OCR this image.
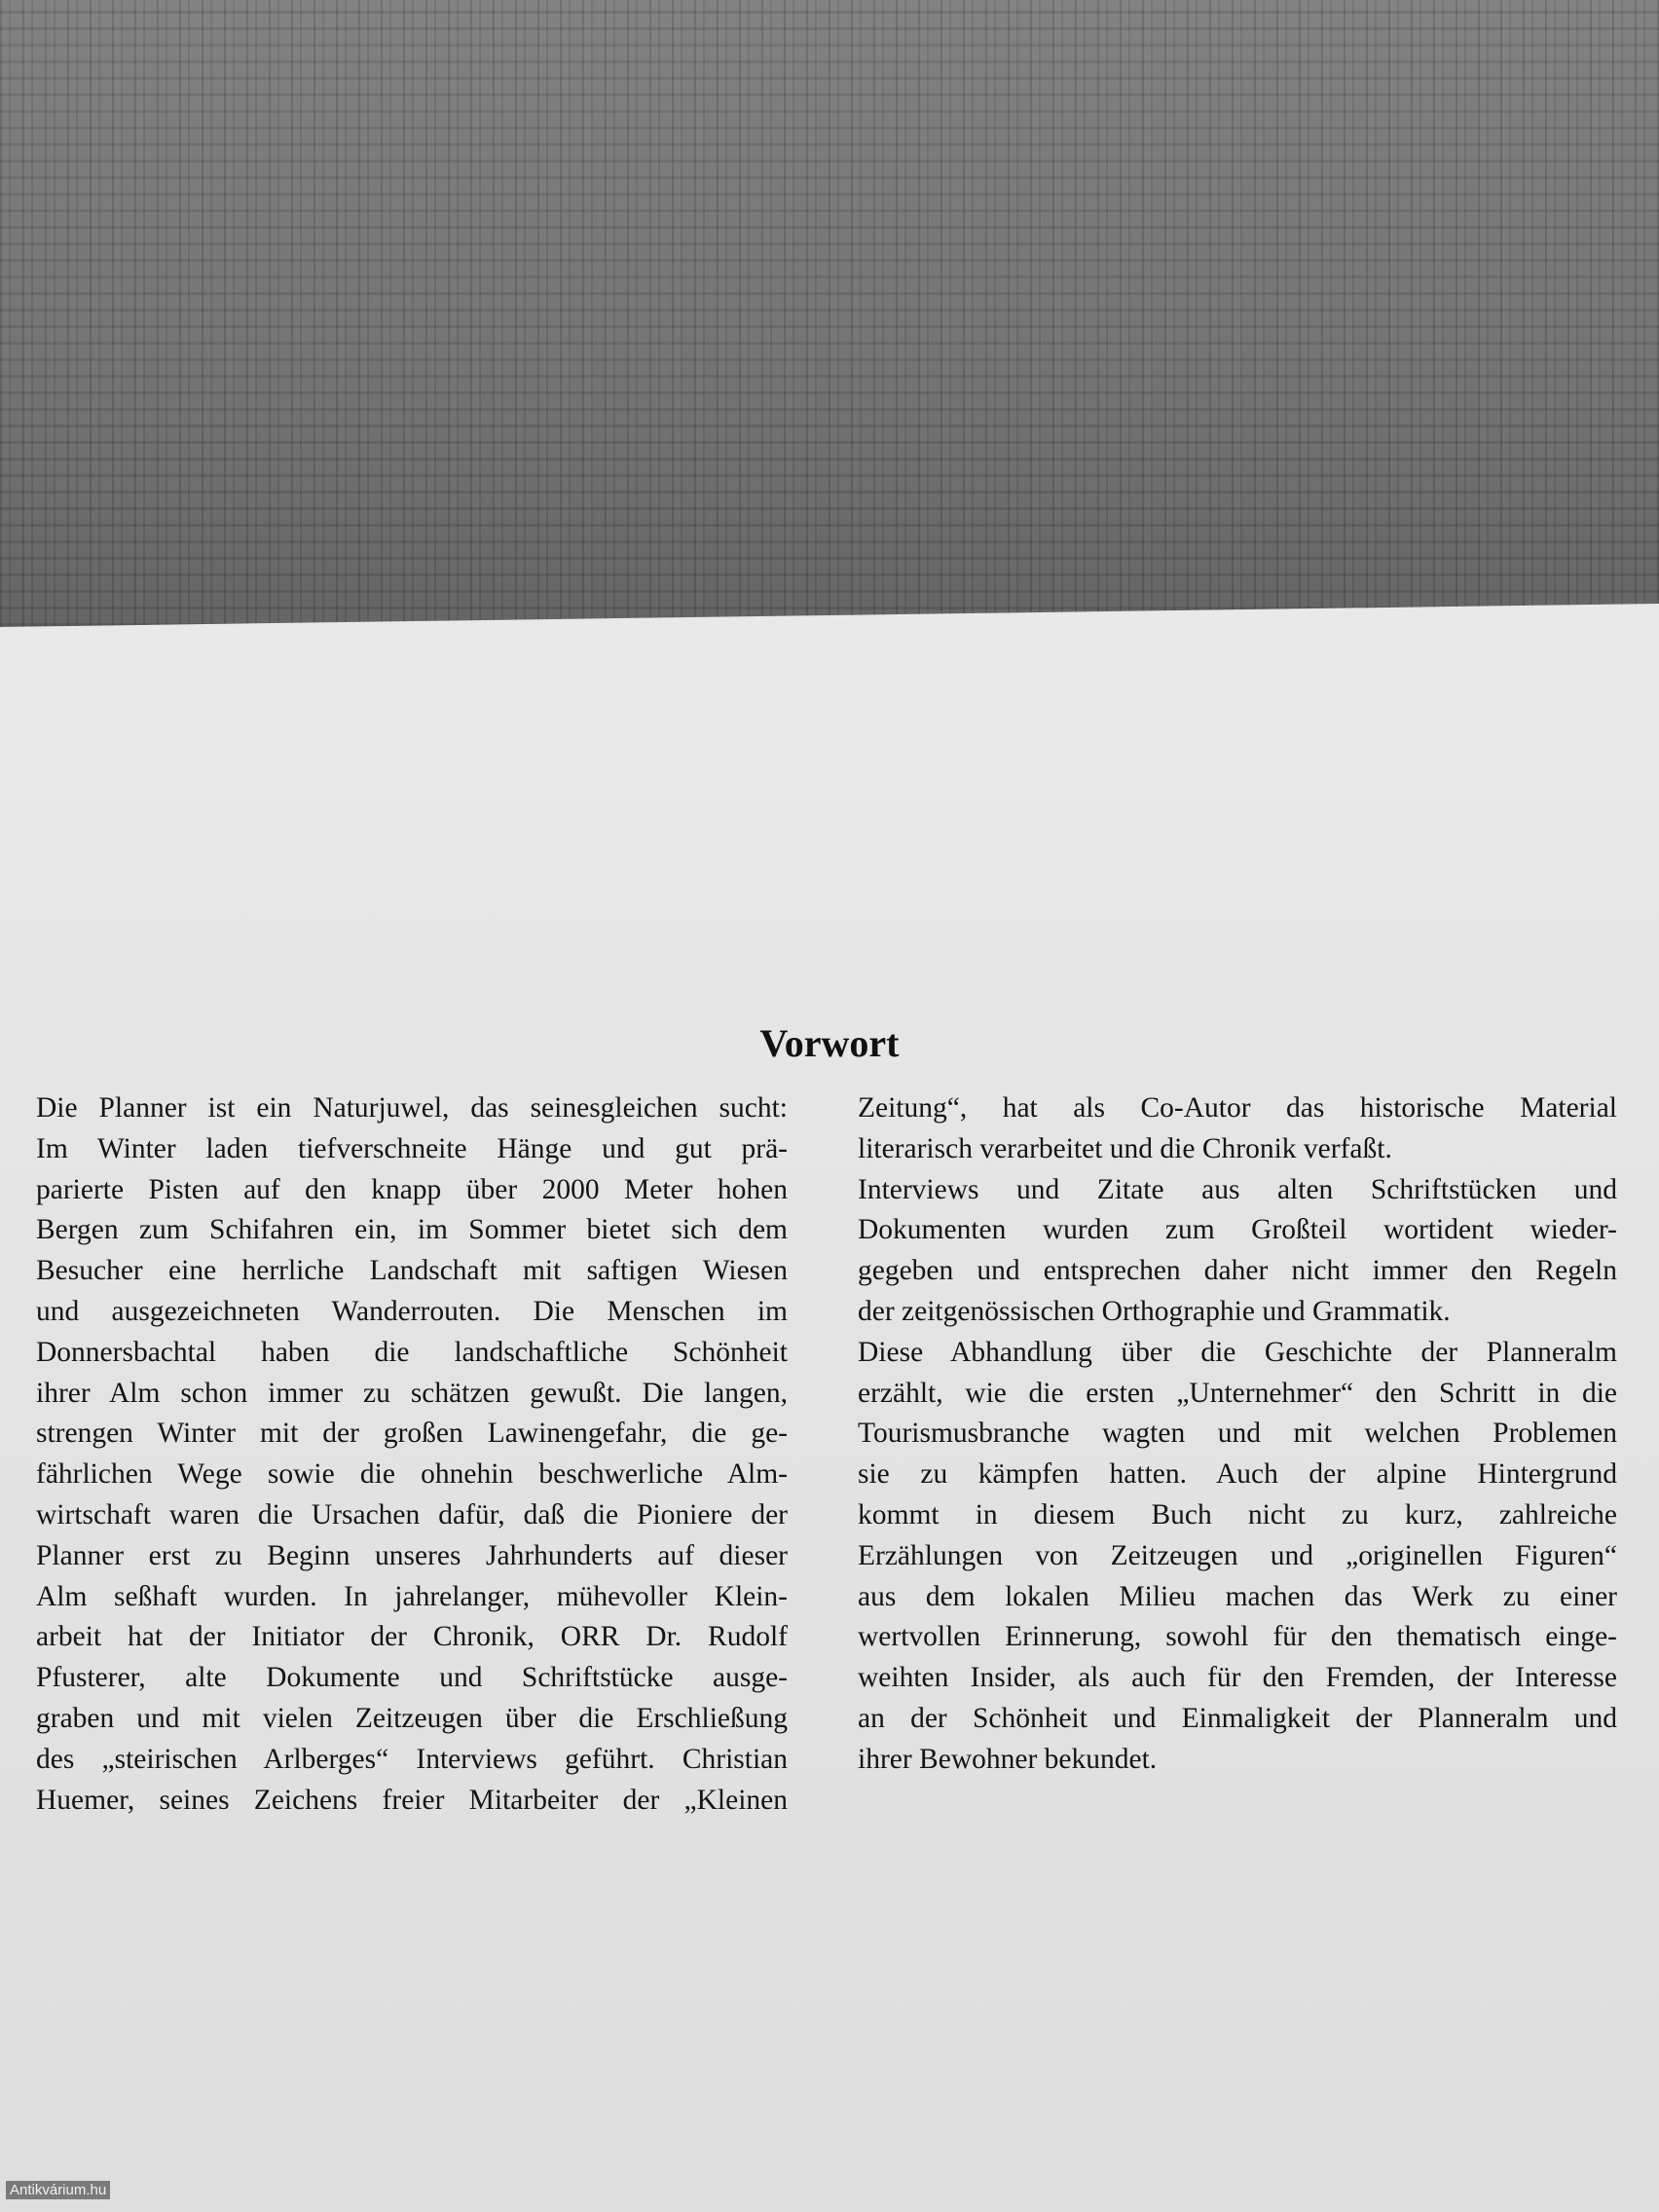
Vorwort
Die Planner ist ein Naturjuwel, das seinesgleichen sucht:
Im Winter laden tiefverschneite Hänge und gut prä-
parierte Pisten auf den knapp über 2000 Meter hohen
Bergen zum Schifahren ein, im Sommer bietet sich dem
Besucher eine herrliche Landschaft mit saftigen Wiesen
und ausgezeichneten Wanderrouten. Die Menschen im
Donnersbachtal haben die landschaftliche Schönheit
ihrer Alm schon immer zu schätzen gewußt. Die langen,
strengen Winter mit der großen Lawinengefahr, die ge-
fährlichen Wege sowie die ohnehin beschwerliche Alm-
wirtschaft waren die Ursachen dafür, daß die Pioniere der
Planner erst zu Beginn unseres Jahrhunderts auf dieser
Alm seßhaft wurden. In jahrelanger, mühevoller Klein-
arbeit hat der Initiator der Chronik, ORR Dr. Rudolf
Pfusterer, alte Dokumente und Schriftstücke ausge-
graben und mit vielen Zeitzeugen über die Erschließung
des „steirischen Arlberges“ Interviews geführt. Christian
Huemer, seines Zeichens freier Mitarbeiter der „Kleinen
Zeitung“, hat als Co-Autor das historische Material
literarisch verarbeitet und die Chronik verfaßt.
Interviews und Zitate aus alten Schriftstücken und
Dokumenten wurden zum Großteil wortident wieder-
gegeben und entsprechen daher nicht immer den Regeln
der zeitgenössischen Orthographie und Grammatik.
Diese Abhandlung über die Geschichte der Planneralm
erzählt, wie die ersten „Unternehmer“ den Schritt in die
Tourismusbranche wagten und mit welchen Problemen
sie zu kämpfen hatten. Auch der alpine Hintergrund
kommt in diesem Buch nicht zu kurz, zahlreiche
Erzählungen von Zeitzeugen und „originellen Figuren“
aus dem lokalen Milieu machen das Werk zu einer
wertvollen Erinnerung, sowohl für den thematisch einge-
weihten Insider, als auch für den Fremden, der Interesse
an der Schönheit und Einmaligkeit der Planneralm und
ihrer Bewohner bekundet.
Antikvárium.hu
